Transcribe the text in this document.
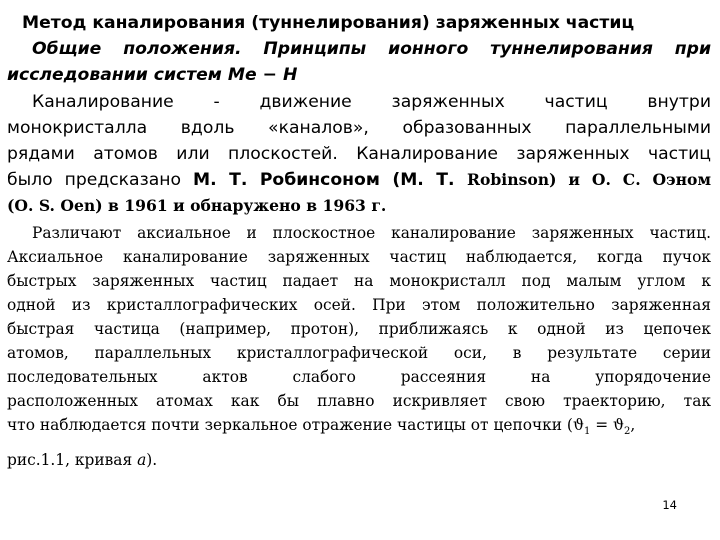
Метод каналирования (туннелирования) заряженных частиц
Общие положения. Принципы ионного туннелирования при
исследовании систем Ме − Н
Каналирование - движение заряженных частиц внутри
монокристалла вдоль «каналов», образованных параллельными
рядами атомов или плоскостей. Каналирование заряженных частиц
было предсказано М. Т. Робинсоном (М. Т. Robinson) и О. С. Оэном
(О. S. Oen) в 1961 и обнаружено в 1963 г.
Различают аксиальное и плоскостное каналирование заряженных частиц.
Аксиальное каналирование заряженных частиц наблюдается, когда пучок
быстрых заряженных частиц падает на монокристалл под малым углом к
одной из кристаллографических осей. При этом положительно заряженная
быстрая частица (например, протон), приближаясь к одной из цепочек
атомов, параллельных кристаллографической оси, в результате серии
последовательных актов слабого рассеяния на упорядочение
расположенных атомах как бы плавно искривляет свою траекторию, так
что наблюдается почти зеркальное отражение частицы от цепочки ($ϑ_1 = ϑ_2$,
рис.1.1, кривая а).
14
